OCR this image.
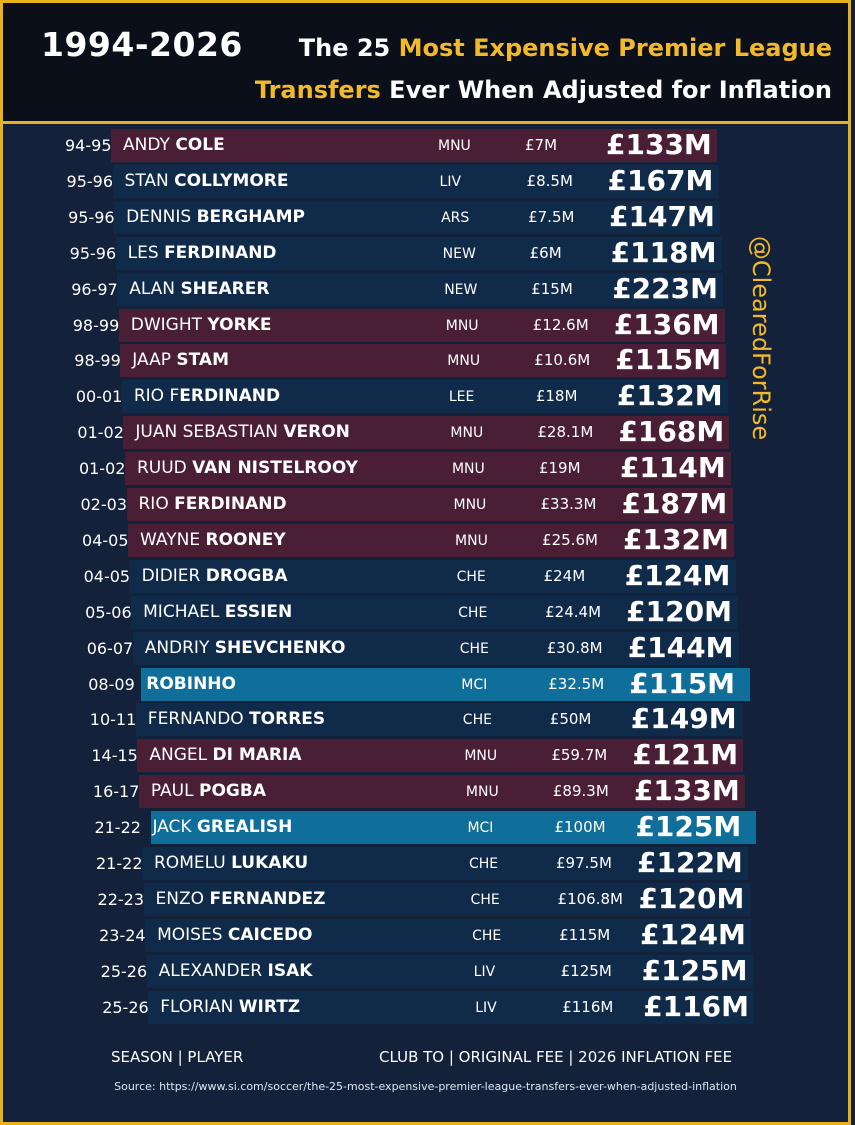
1994-2026	The 25 Most Expensive Premier League
Transfers Ever When Adjusted for Inflation
94-95 ANDY COLE	MNU	£7M £133M
95-96 STAN COLLYMORE	LIV	£8.5M £167M
95-96 DENNIS BERGHAMP	ARS	£7.5M £147M
95-96 LES FERDINAND	NEW	£6M £118M
96-97 ALAN SHEARER	NEW	£15M £223M
98-99 DWIGHT YORKE	MNU	£12.6M £136M
98-99 JAAP STAM	MNU	£10.6M £115M
00-01 RIO FERDINAND	LEE	£18M £132M
01-02 JUAN SEBASTIAN VERON	MNU	£28.1M £168M
01-02 RUUD VAN NISTELROOY	MNU	£19M £114M
02-03 RIO FERDINAND	MNU	£33.3M £187M
04-05 WAYNE ROONEY	MNU	£25.6M £132M
04-05 DIDIER DROGBA	CHE	£24M £124M
05-06 MICHAEL ESSIEN	CHE	£24.4M £120M
06-07 ANDRIY SHEVCHENKO	CHE	£30.8M £144M
08-09 ROBINHO	MCI	£32.5M £115M
10-11 FERNANDO TORRES	CHE	£50M £149M
14-15 ANGEL DI MARIA	MNU	£59.7M £121M
16-17 PAUL POGBA	MNU	£89.3M £133M
21-22 JACK GREALISH	MCI	£100M £125M
21-22 ROMELU LUKAKU	CHE	£97.5M £122M
22-23 ENZO FERNANDEZ	CHE	£106.8M £120M
23-24 MOISES CAICEDO	CHE	£115M £124M
25-26 ALEXANDER ISAK	LIV	£125M £125M
25-26 FLORIAN WIRTZ	LIV	£116M £116M
@ClearedForRise
SEASON | PLAYER	CLUB TO | ORIGINAL FEE | 2026 INFLATION FEE
Source: https://www.si.com/soccer/the-25-most-expensive-premier-league-transfers-ever-when-adjusted-inflation
